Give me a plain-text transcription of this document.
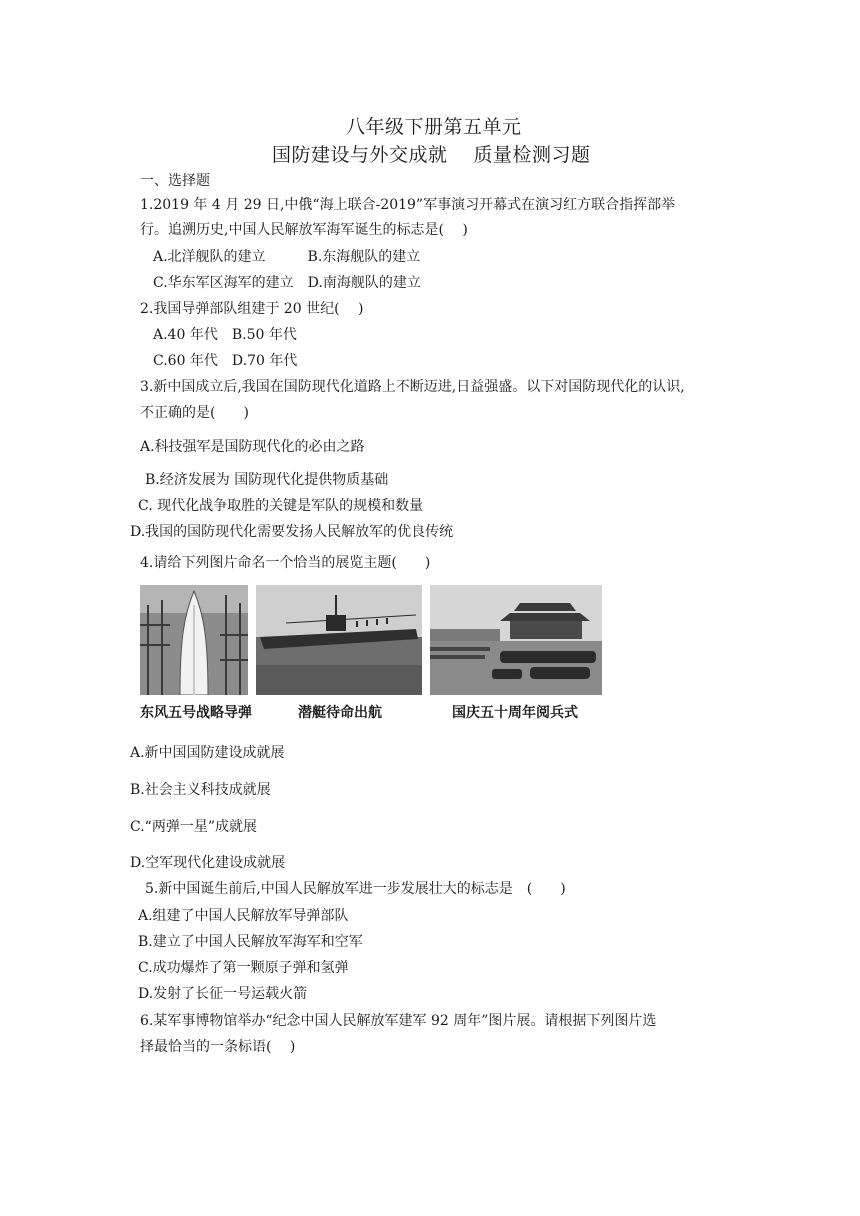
八年级下册第五单元
国防建设与外交成就　 质量检测习题
一、选择题
1.2019 年 4 月 29 日,中俄“海上联合-2019”军事演习开幕式在演习红方联合指挥部举
行。追溯历史,中国人民解放军海军诞生的标志是(　 )
A.北洋舰队的建立　　　B.东海舰队的建立
C.华东军区海军的建立　D.南海舰队的建立
2.我国导弹部队组建于 20 世纪(　 )
A.40 年代　B.50 年代
C.60 年代　D.70 年代
3.新中国成立后,我国在国防现代化道路上不断迈进,日益强盛。以下对国防现代化的认识,
不正确的是(　　)
A.科技强军是国防现代化的必由之路
B.经济发展为 国防现代化提供物质基础
C. 现代化战争取胜的关键是军队的规模和数量
D.我国的国防现代化需要发扬人民解放军的优良传统
4.请给下列图片命名一个恰当的展览主题(　　)
东风五号战略导弹	潜艇待命出航	国庆五十周年阅兵式
A.新中国国防建设成就展
B.社会主义科技成就展
C.“两弹一星”成就展
D.空军现代化建设成就展
5.新中国诞生前后,中国人民解放军进一步发展壮大的标志是　(　　)
A.组建了中国人民解放军导弹部队
B.建立了中国人民解放军海军和空军
C.成功爆炸了第一颗原子弹和氢弹
D.发射了长征一号运载火箭
6.某军事博物馆举办“纪念中国人民解放军建军 92 周年”图片展。请根据下列图片选
择最恰当的一条标语(　 )
